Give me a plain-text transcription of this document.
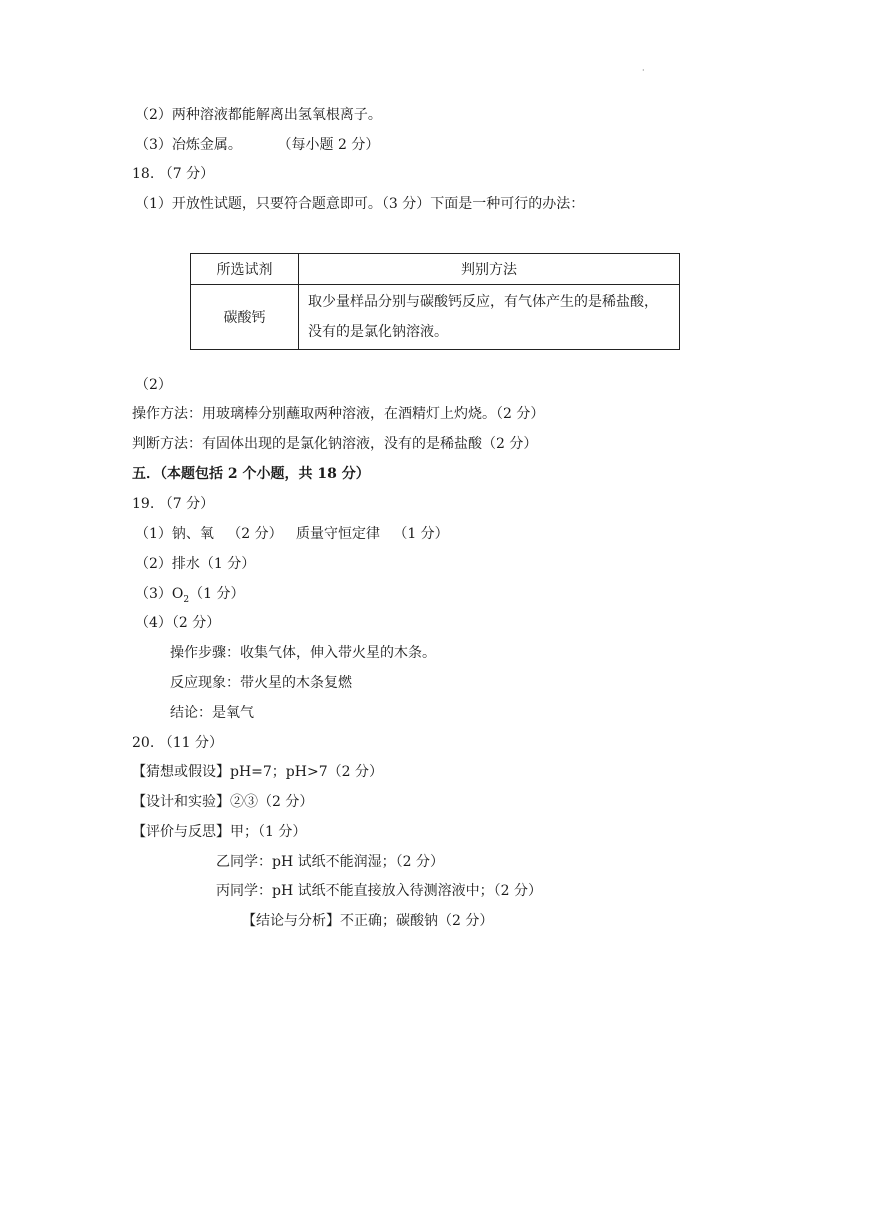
·
（2）两种溶液都能解离出氢氧根离子。
（3）冶炼金属。        （每小题 2 分）
18. （7 分）
（1）开放性试题，只要符合题意即可。（3 分）下面是一种可行的办法：
所选试剂	判别方法
碳酸钙	取少量样品分别与碳酸钙反应，有气体产生的是稀盐酸，没有的是氯化钠溶液。
（2）
操作方法：用玻璃棒分别蘸取两种溶液，在酒精灯上灼烧。（2 分）
判断方法：有固体出现的是氯化钠溶液，没有的是稀盐酸（2 分）
五．（本题包括 2 个小题，共 18 分）
19. （7 分）
（1）钠、氧   （2 分）   质量守恒定律   （1 分）
（2）排水（1 分）
$(3)O_2(1$ 分）
（4）（2 分）
操作步骤：收集气体，伸入带火星的木条。
反应现象：带火星的木条复燃
结论：是氧气
20. （11 分）
【猜想或假设】pH=7；pH>7（2 分）
【设计和实验】②③（2 分）
【评价与反思】甲；（1 分）
乙同学：pH 试纸不能润湿；（2 分）
丙同学：pH 试纸不能直接放入待测溶液中；（2 分）
【结论与分析】不正确；碳酸钠（2 分）
